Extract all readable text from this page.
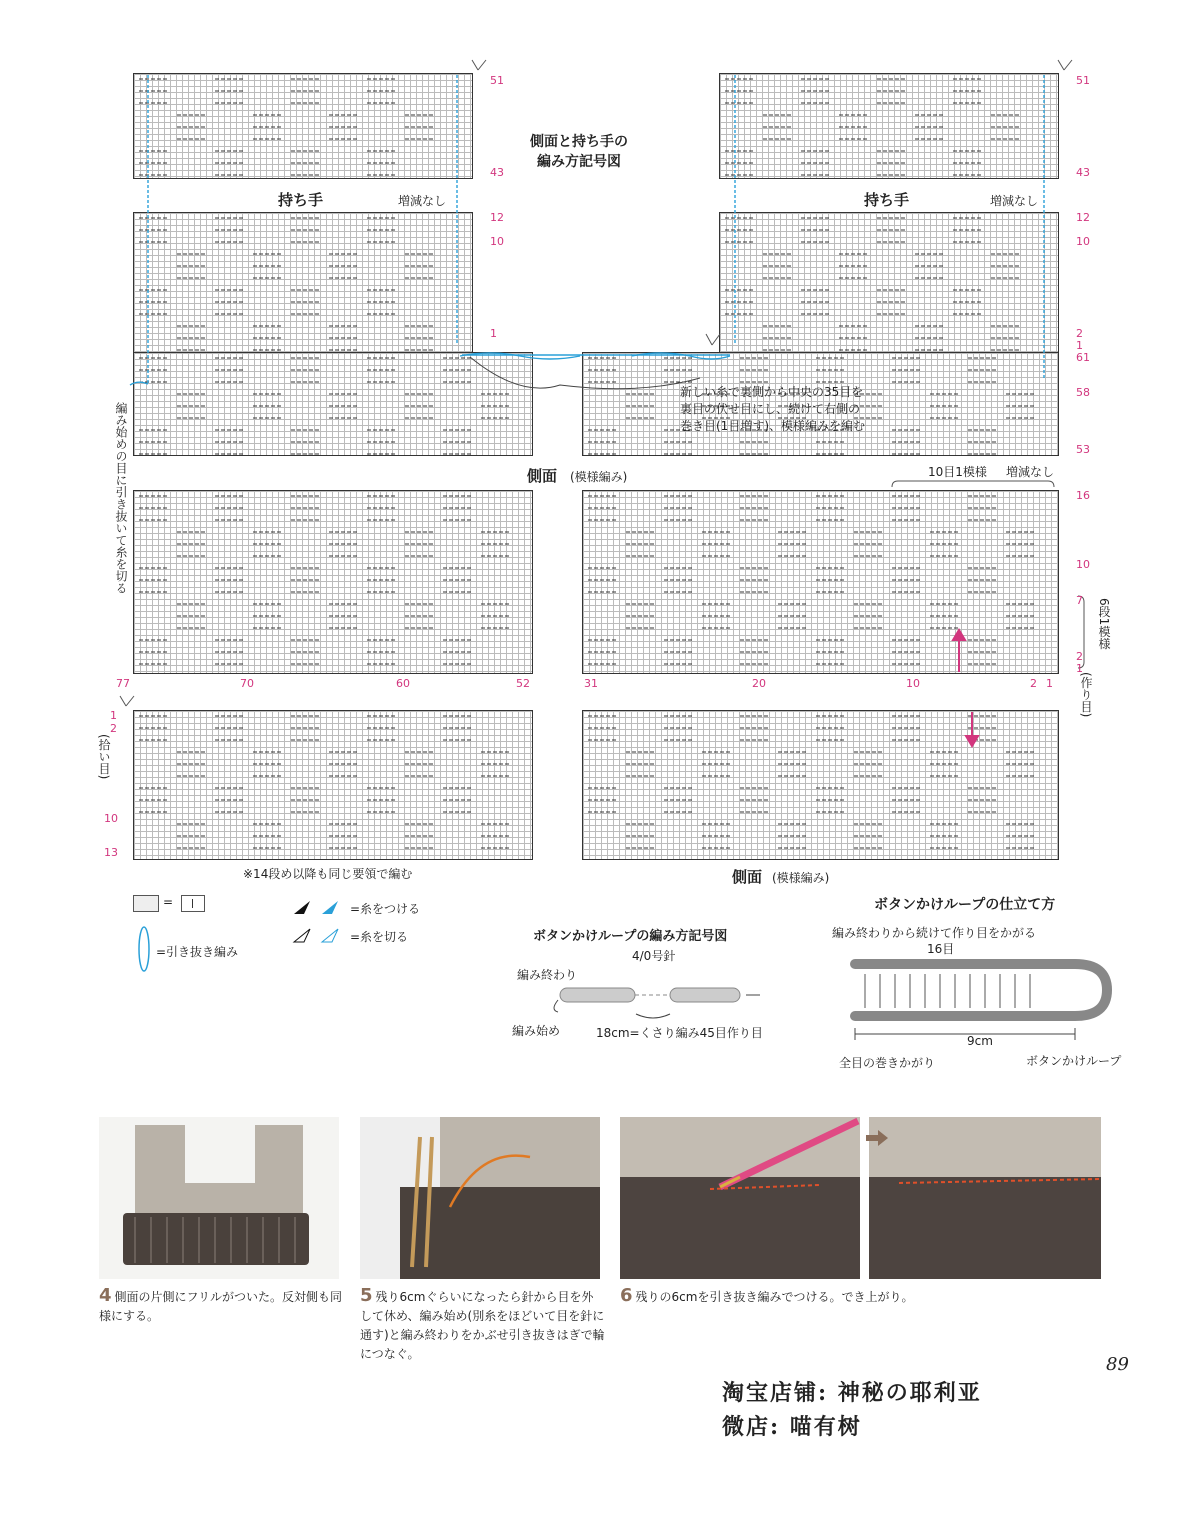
側面と持ち手の
編み方記号図
持ち手	増減なし	持ち手	増減なし
側面 (模様編み)	10目1模様 増減なし
新しい糸で裏側から中央の35目を
裏目の伏せ目にし、続けて右側の
巻き目(1目増す)、模様編みを編む
※14段め以降も同じ要領で編む	側面 (模様編み)
編み始めの目に引き抜いて糸を切る
6段1模様
(作り目)
(拾い目)
51
43
12
10
1
51
43
12
10
2
1
61
58
53
16
10
7
2
1
77	70	60	52	31	20	10	2 1
1
2
10
13
=
=引き抜き編み
=糸をつける
=糸を切る	ボタンかけループの編み方記号図
4/0号針
編み終わり
編み始め	18cm=くさり編み45目作り目
ボタンかけループの仕立て方
編み終わりから続けて作り目をかがる
16目
9cm
全目の巻きかがり	ボタンかけループ
4 側面の片側にフリルがついた。反対側も同様にする。
5 残り6cmぐらいになったら針から目を外して休め、編み始め(別糸をほどいて目を針に通す)と編み終わりをかぶせ引き抜きはぎで輪につなぐ。
6 残りの6cmを引き抜き編みでつける。でき上がり。
89
淘宝店铺: 神秘の耶利亚
微店: 喵有树
